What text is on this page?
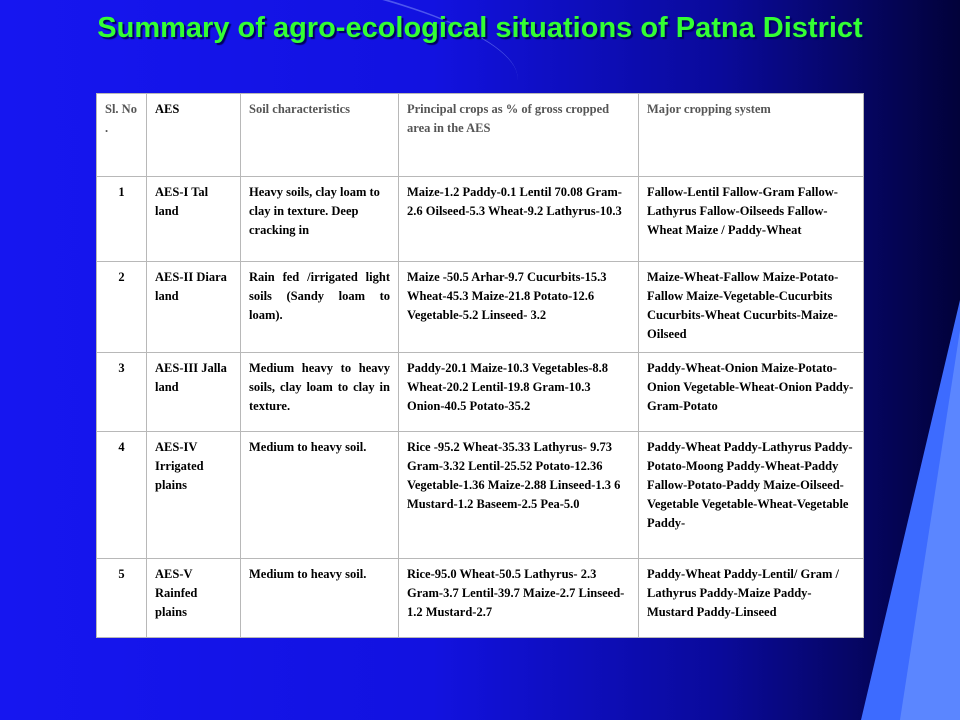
Summary of agro-ecological situations of Patna District
Sl. No .	AES	Soil characteristics	Principal crops as % of gross cropped area in the AES	Major cropping system

1	AES-I Tal land	Heavy soils, clay loam to clay in texture. Deep cracking in	Maize-1.2 Paddy-0.1 Lentil 70.08 Gram- 2.6 Oilseed-5.3 Wheat-9.2 Lathyrus-10.3	Fallow-Lentil Fallow-Gram Fallow-Lathyrus Fallow-Oilseeds Fallow-Wheat Maize / Paddy-Wheat

2	AES-II Diara land	Rain fed /irrigated light soils (Sandy loam to loam).	Maize -50.5 Arhar-9.7 Cucurbits-15.3 Wheat-45.3 Maize-21.8 Potato-12.6 Vegetable-5.2 Linseed- 3.2	Maize-Wheat-Fallow Maize-Potato-Fallow Maize-Vegetable-Cucurbits Cucurbits-Wheat Cucurbits-Maize-Oilseed

3	AES-III Jalla land	Medium heavy to heavy soils, clay loam to clay in texture.	Paddy-20.1 Maize-10.3 Vegetables-8.8 Wheat-20.2 Lentil-19.8 Gram-10.3 Onion-40.5 Potato-35.2	Paddy-Wheat-Onion Maize-Potato-Onion Vegetable-Wheat-Onion Paddy-Gram-Potato

4	AES-IV Irrigated plains	Medium to heavy soil.	Rice -95.2 Wheat-35.33 Lathyrus- 9.73 Gram-3.32 Lentil-25.52 Potato-12.36 Vegetable-1.36 Maize-2.88 Linseed-1.3 6 Mustard-1.2 Baseem-2.5 Pea-5.0	Paddy-Wheat Paddy-Lathyrus Paddy-Potato-Moong Paddy-Wheat-Paddy Fallow-Potato-Paddy Maize-Oilseed-Vegetable Vegetable-Wheat-Vegetable Paddy-

5	AES-V Rainfed plains	Medium to heavy soil.	Rice-95.0 Wheat-50.5 Lathyrus- 2.3 Gram-3.7 Lentil-39.7 Maize-2.7 Linseed-1.2 Mustard-2.7	Paddy-Wheat Paddy-Lentil/ Gram / Lathyrus Paddy-Maize Paddy-Mustard Paddy-Linseed
